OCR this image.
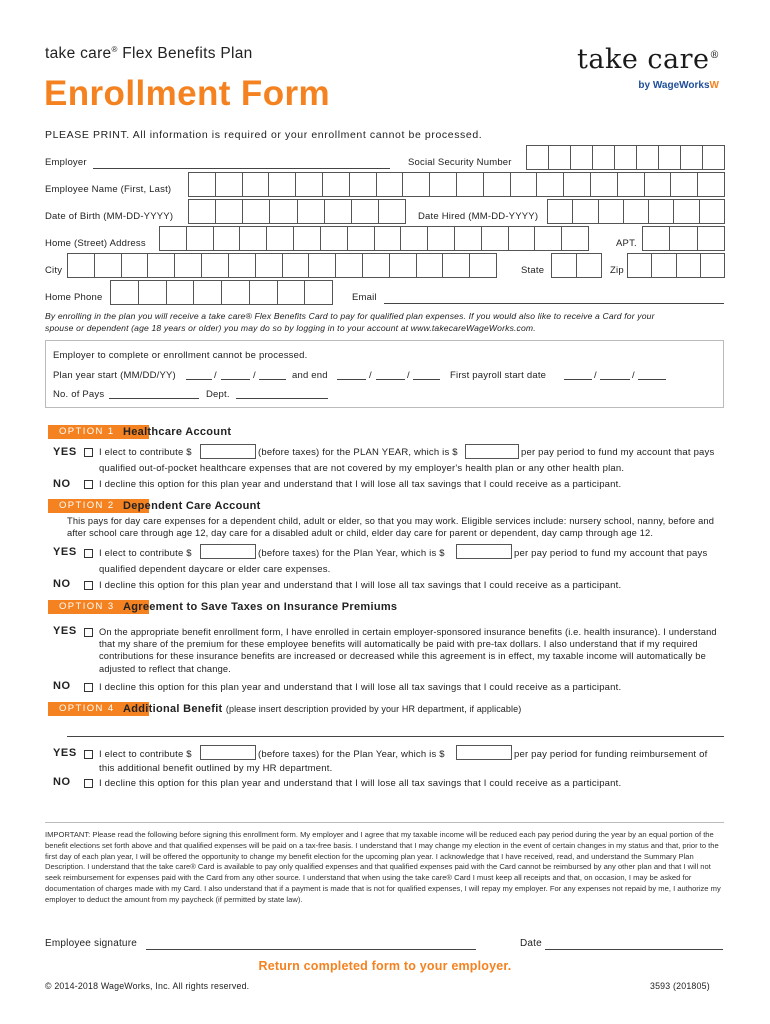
take care® Flex Benefits Plan
Enrollment Form
take care®
by WageWorksW
PLEASE PRINT. All information is required or your enrollment cannot be processed.
Employer	Social Security Number
Employee Name (First, Last)
Date of Birth (MM-DD-YYYY)	Date Hired (MM-DD-YYYY)
Home (Street) Address	APT.
City	State	Zip
Home Phone	Email
By enrolling in the plan you will receive a take care® Flex Benefits Card to pay for qualified plan expenses. If you would also like to receive a Card for your spouse or dependent (age 18 years or older) you may do so by logging in to your account at www.takecareWageWorks.com.
Employer to complete or enrollment cannot be processed.
Plan year start (MM/DD/YY)	/	/	and end	/	/	First payroll start date	/	/
No. of Pays	Dept.
OPTION 1 Healthcare Account
YES I elect to contribute $	(before taxes) for the PLAN YEAR, which is $	per pay period to fund my account that pays
qualified out-of-pocket healthcare expenses that are not covered by my employer's health plan or any other health plan.
NO	I decline this option for this plan year and understand that I will lose all tax savings that I could receive as a participant.
OPTION 2 Dependent Care Account
This pays for day care expenses for a dependent child, adult or elder, so that you may work. Eligible services include: nursery school, nanny, before and after school care through age 12, day care for a disabled adult or child, elder day care for parent or dependent, day camp through age 12.
YES I elect to contribute $	(before taxes) for the Plan Year, which is $	per pay period to fund my account that pays
qualified dependent daycare or elder care expenses.
NO	I decline this option for this plan year and understand that I will lose all tax savings that I could receive as a participant.
OPTION 3 Agreement to Save Taxes on Insurance Premiums
YES On the appropriate benefit enrollment form, I have enrolled in certain employer-sponsored insurance benefits (i.e. health insurance). I understand that my share of the premium for these employee benefits will automatically be paid with pre-tax dollars. I also understand that if my required contributions for these insurance benefits are increased or decreased while this agreement is in effect, my taxable income will automatically be adjusted to reflect that change.
NO	I decline this option for this plan year and understand that I will lose all tax savings that I could receive as a participant.
OPTION 4 Additional Benefit (please insert description provided by your HR department, if applicable)
YES I elect to contribute $	(before taxes) for the Plan Year, which is $	per pay period for funding reimbursement of
this additional benefit outlined by my HR department.
NO	I decline this option for this plan year and understand that I will lose all tax savings that I could receive as a participant.
IMPORTANT: Please read the following before signing this enrollment form. My employer and I agree that my taxable income will be reduced each pay period during the year by an equal portion of the benefit elections set forth above and that qualified expenses will be paid on a tax-free basis. I understand that I may change my election in the event of certain changes in my status and that, prior to the first day of each plan year, I will be offered the opportunity to change my benefit election for the upcoming plan year. I acknowledge that I have received, read, and understand the Summary Plan Description. I understand that the take care® Card is available to pay only qualified expenses and that qualified expenses paid with the Card cannot be reimbursed by any other plan and that I will not seek reimbursement for expenses paid with the Card from any other source. I understand that when using the take care® Card I must keep all receipts and that, on occasion, I may be asked for documentation of charges made with my Card. I also understand that if a payment is made that is not for qualified expenses, I will repay my employer. For any expenses not repaid by me, I authorize my employer to deduct the amount from my paycheck (if permitted by state law).
Employee signature	Date
Return completed form to your employer.
© 2014-2018 WageWorks, Inc. All rights reserved.	3593 (201805)
